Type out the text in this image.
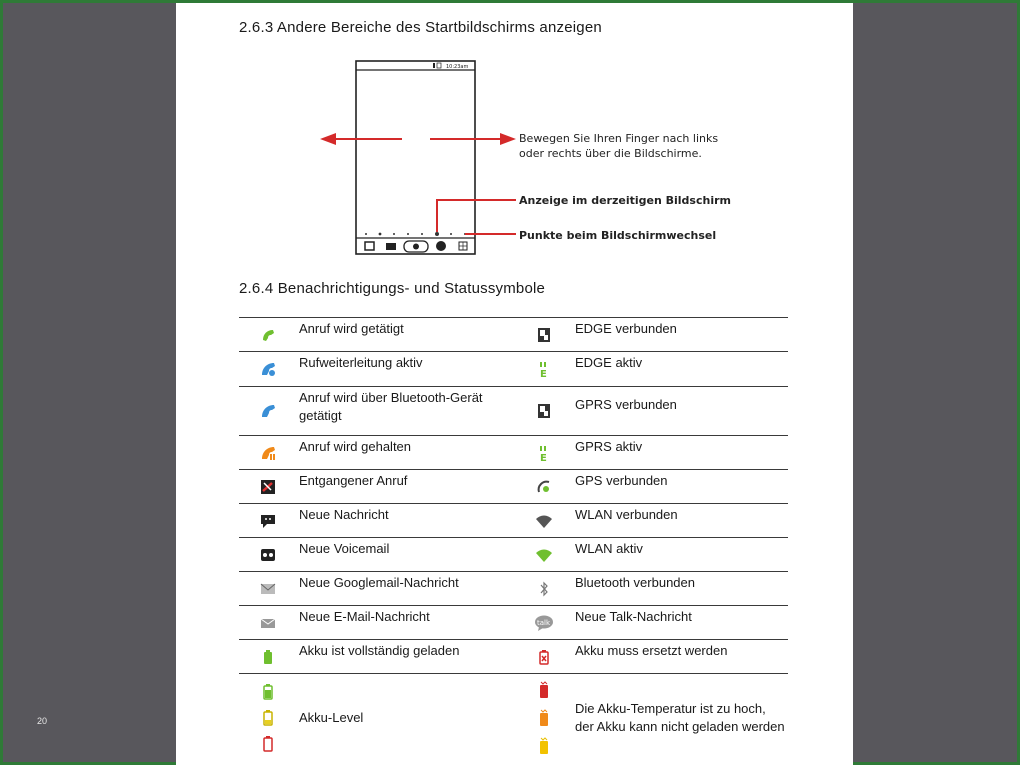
20
2.6.3 Andere Bereiche des Startbildschirms anzeigen
10:23am
Bewegen Sie Ihren Finger nach links
oder rechts über die Bildschirme.
Anzeige im derzeitigen Bildschirm
Punkte beim Bildschirmwechsel
2.6.4 Benachrichtigungs- und Statussymbole
	Anruf wird getätigt		EDGE verbunden
	Rufweiterleitung aktiv	E	EDGE aktiv
	Anruf wird über Bluetooth-Gerät getätigt		GPRS verbunden
	Anruf wird gehalten	E	GPRS aktiv
	Entgangener Anruf		GPS verbunden
	Neue Nachricht		WLAN verbunden
	Neue Voicemail		WLAN aktiv
	Neue Googlemail-Nachricht		Bluetooth verbunden
	Neue E-Mail-Nachricht	talk	Neue Talk-Nachricht
	Akku ist vollständig geladen		Akku muss ersetzt werden

	Akku-Level		Die Akku-Temperatur ist zu hoch,
der Akku kann nicht geladen werden
